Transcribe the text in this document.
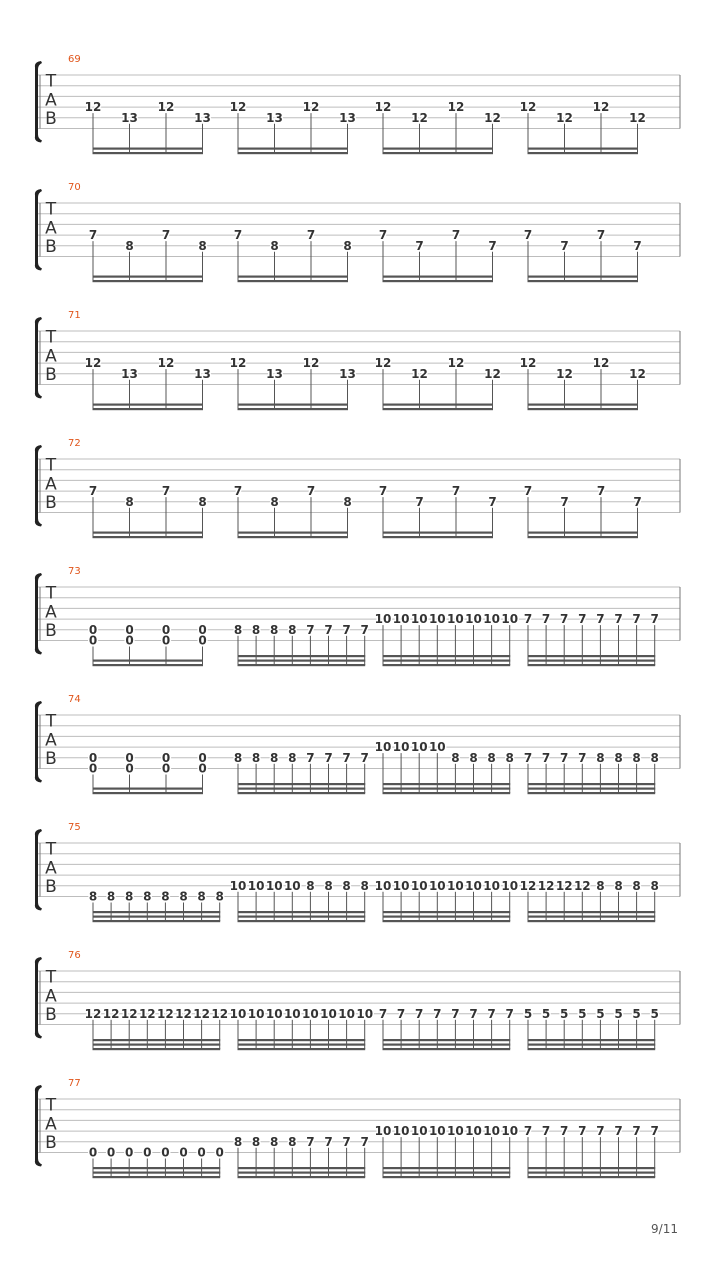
69
T
A
B
12
13
12
13
12
13
12
13
12
12
12
12
12
12
12
12
70
T
A
B
7
8
7
8
7
8
7
8
7
7
7
7
7
7
7
7
71
T
A
B
12
13
12
13
12
13
12
13
12
12
12
12
12
12
12
12
72
T
A
B
7
8
7
8
7
8
7
8
7
7
7
7
7
7
7
7
73
T
A
B	0
0
0
0
0
0
0
0
8 8 8 8 7 7 7 7
10 10 10 10 10 10 10 10 7 7 7 7 7 7 7 7
74
T
A
B	0
0
0
0
0
0
0
0
8 8 8 8 7 7 7 7
10 10 10 10
8 8 8 8 7 7 7 7 8 8 8 8
75
T
A
B	8 8 8 8 8 8 8 8
10 10 10 10 8 8 8 8 10 10 10 10 10 10 10 10 12 12 12 12 8 8 8 8
76
T
A
B 12 12 12 12 12 12 12 12 10 10 10 10 10 10 10 10 7 7 7 7 7 7 7 7 5 5 5 5 5 5 5 5
77
T
A
B	0 0 0 0 0 0 0 0
8 8 8 8 7 7 7 7
10 10 10 10 10 10 10 10 7 7 7 7 7 7 7 7
9/11
